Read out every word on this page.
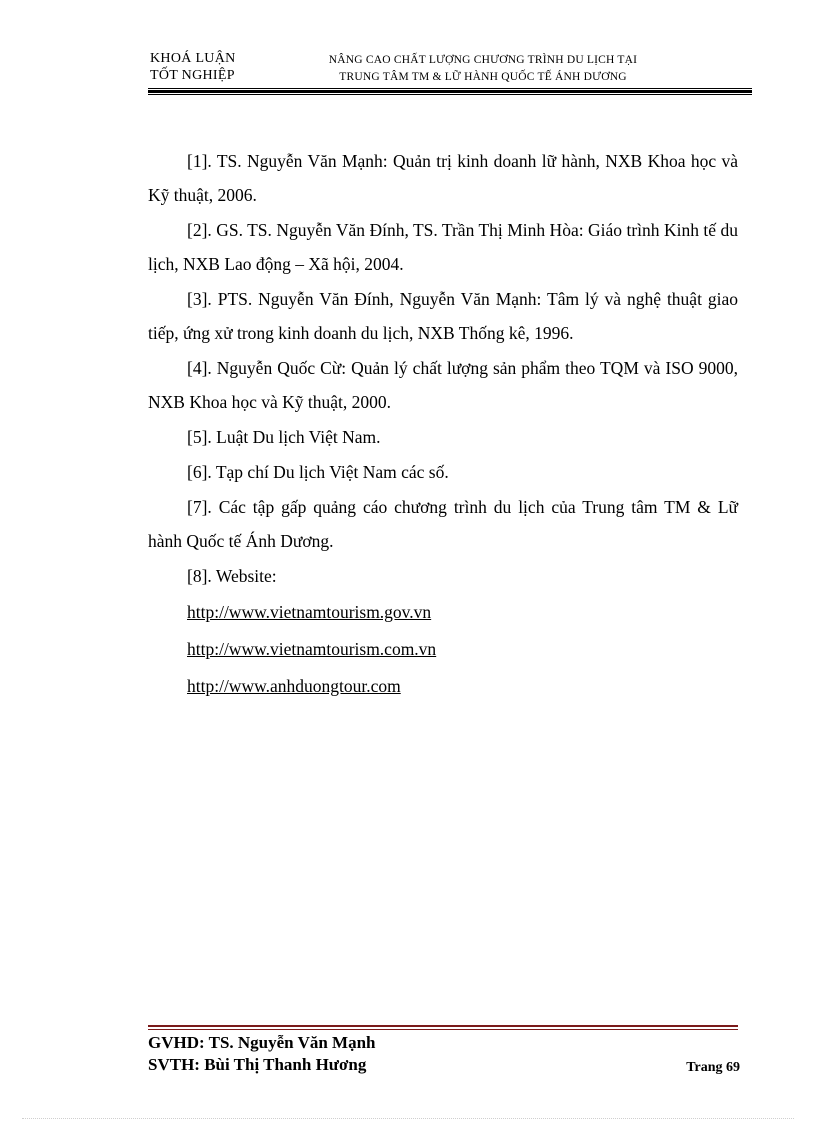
KHOÁ LUẬN
TỐT NGHIỆP
NÂNG CAO CHẤT LƯỢNG CHƯƠNG TRÌNH DU LỊCH TẠI
TRUNG TÂM TM & LỮ HÀNH QUỐC TẾ ÁNH DƯƠNG

[1]. TS. Nguyễn Văn Mạnh: Quản trị kinh doanh lữ hành, NXB Khoa học và Kỹ thuật, 2006.

[2]. GS. TS. Nguyễn Văn Đính, TS. Trần Thị Minh Hòa: Giáo trình Kinh tế du lịch, NXB Lao động – Xã hội, 2004.

[3]. PTS. Nguyễn Văn Đính, Nguyễn Văn Mạnh: Tâm lý và nghệ thuật giao tiếp, ứng xử trong kinh doanh du lịch, NXB Thống kê, 1996.

[4]. Nguyễn Quốc Cừ: Quản lý chất lượng sản phẩm theo TQM và ISO 9000, NXB Khoa học và Kỹ thuật, 2000.

[5]. Luật Du lịch Việt Nam.

[6]. Tạp chí Du lịch Việt Nam các số.

[7]. Các tập gấp quảng cáo chương trình du lịch của Trung tâm TM & Lữ hành Quốc tế Ánh Dương.

[8]. Website:

http://www.vietnamtourism.gov.vn
http://www.vietnamtourism.com.vn
http://www.anhduongtour.com
GVHD: TS. Nguyễn Văn Mạnh
SVTH: Bùi Thị Thanh Hương	Trang 69
